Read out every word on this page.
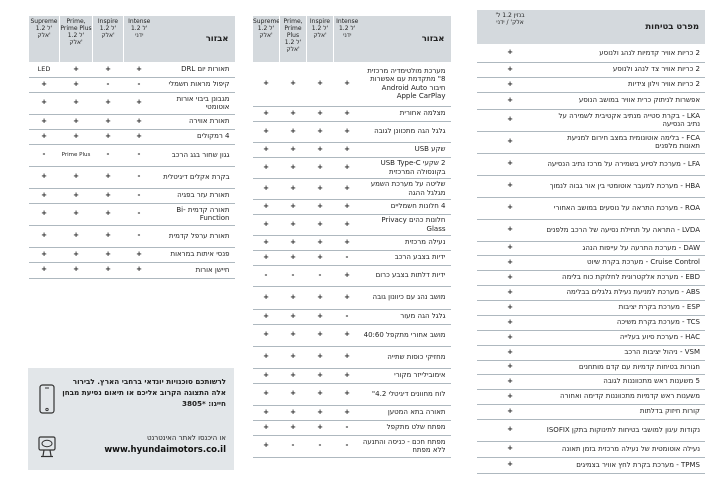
מפרט בטיחות	בנזין 1.2 ל'
אלק' / ידני
2 כריות אוויר קדמיות לנהג ולנוסע	+
2 כריות אוויר צד לנהג ולנוסע	+
2 כריות אוויר וילון צידיות	+
אפשרות לניתוק כרית אוויר במושב הנוסע	+
LKA - בקרת סטייה מנתיב אקטיבית לשמירה על נתיב הנסיעה	+
FCA - בלימה אוטונומית במצב חירום למניעת תאונות מלפנים	+
LFA - מערכת לסיוע בשמירה על מרכז נתיב הנסיעה	+
HBA - מערכת למעבר אוטומטי בין אור גבוה לנמוך	+
ROA - מערכת התראה על נוסעים במושב האחורי	+
LVDA - התראה על תחילת נסיעה של הרכב מלפנים	+
DAW - מערכת התרעה על עייפות הנהג	+
Cruise Control - מערכת בקרת שיוט	+
EBD - מערכת אלקטרונית לחלוקת כוח בלימה	+
ABS - מערכת למניעת נעילת גלגלים בבלימה	+
ESP - מערכת בקרת יציבות	+
TCS - מערכת בקרת משיכה	+
HAC - מערכת סיוע בעלייה	+
VSM - ניהול יציבות הרכב	+
חגורות בטיחות קדמיות עם קדם מותחנים	+
5 משענות ראש מתכווננות לגובה	+
משענות ראש קדמיות מתכווננות קדימה ואחורה	+
קורות חיזוק בדלתות	+
נקודות עיגון למושבי בטיחות לתינוקות בתקן ISOFIX	+
נעילה אוטומטית של נעילה מרכזית בזמן תאונה	+
TPMS - מערכת בקרת לחץ אוויר בצמיגים	+
אבזור	Intense
1.2 ל'
ידני	Inspire
1.2 ל'
אלק'	Prime,
Prime Plus
1.2 ל'
אלק'	Supreme
1.2 ל'
אלק'
מערכת מולטימדיה מרכזית 8" מתקדמת עם אפשרות חיבור Android Auto Apple CarPlay	+	+	+	+
מצלמה אחורית	+	+	+	+
גלגל הגה מתכוונן לגובה	+	+	+	+
שקע USB	+	+	+	+
2 שקעי USB Type-C בקונסולה המרכזית	+	+	+	+
שליטה על מערכת השמע מגלגל ההגה	+	+	+	+
4 חלונות חשמליים	+	+	+	+
חלונות כהים Privacy Glass	+	+	+	+
נעילה מרכזית	+	+	+	+
ידיות בצבע הרכב	-	+	+	+
ידיות דלתות בצבע כרום	+	-	-	-
מושב נהג עם כיוונון גובה	+	+	+	+
גלגל הגה מעור	-	+	+	+
מושב אחורי מתקפל 40:60	+	+	+	+
מחזיקי כוסות שתייה	+	+	+	+
אימובילייזר מקורי	+	+	+	+
לוח מחוונים דיגיטלי 4.2"	+	+	+	+
תאורה בתא המטען	+	+	+	+
מפתח שלט מתקפל	-	+	+	+
מפתח חכם - כניסה והתנעה ללא מפתח	-	-	-	+
אבזור	Intense
1.2 ל'
ידני	Inspire
1.2 ל'
אלק'	Prime,
Prime Plus
1.2 ל'
אלק'	Supreme
1.2 ל'
אלק'
תאורות יום DRL	+	+	+	LED
קיפול מראות חשמלי	-	-	+	+
מגבונן ביבוי אורות אוטומטי	+	+	+	+
תאורת אווירה	+	+	+	+
4 רמקולים	+	+	+	+
גגון שחור בגג הרכב	-	-	Prime Plus	-
בקרת אקלים דיגיטלית	-	+	+	+
תאורת עזר בפגיה	-	+	+	+
תאורה קדמית Bi-Function	-	+	+	+
תאורת ערפל קדמית	-	+	+	+
פנסי איתות במראות	+	+	+	+
חיישן אורות	+	+	+	+
לרשותכם סוכנויות יונדאי ברחבי הארץ. לבירור אלה התצוגה הקרוב אליכם או תיאום נסיעת מבחן חייגו: *3805
או היכנסו לאתר האינטרנט
www.hyundaimotors.co.il
